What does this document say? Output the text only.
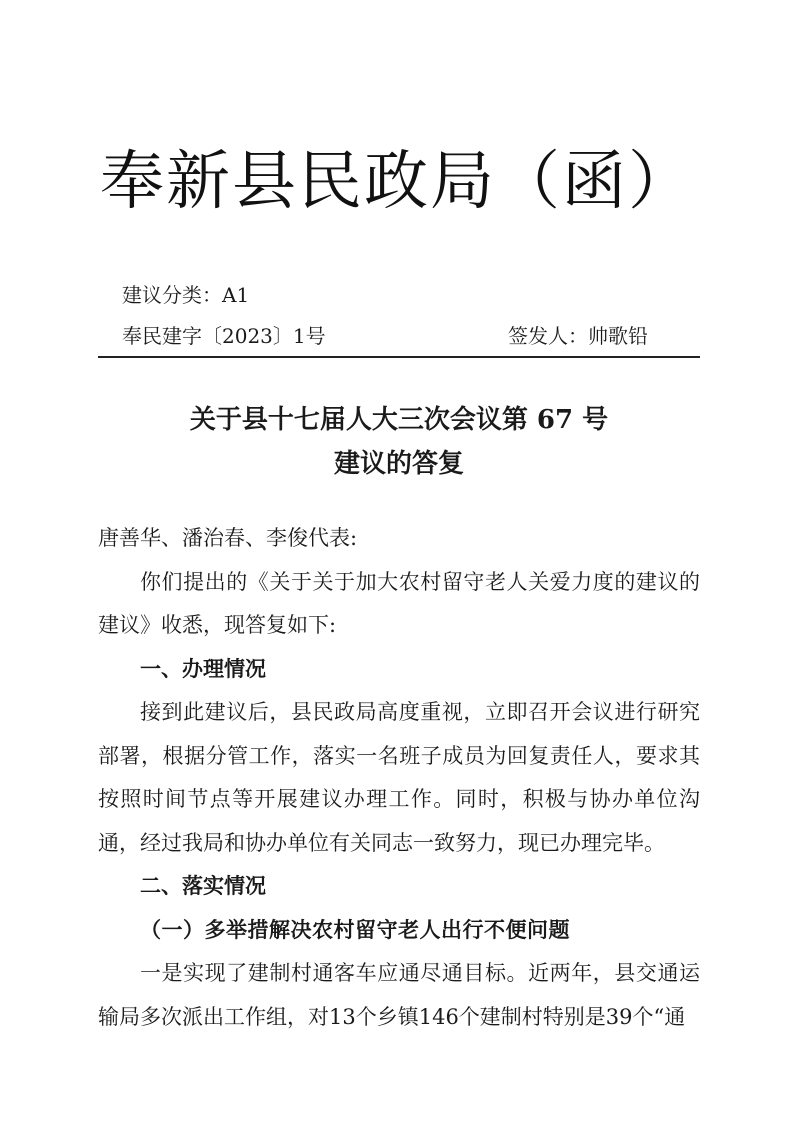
奉新县民政局（函）
建议分类：A1
奉民建字〔2023〕1号	签发人：帅歌铅
关于县十七届人大三次会议第 67 号
建议的答复

唐善华、潘治春、李俊代表:

你们提出的《关于关于加大农村留守老人关爱力度的建议的建议》收悉，现答复如下:

一、办理情况

接到此建议后，县民政局高度重视，立即召开会议进行研究部署，根据分管工作，落实一名班子成员为回复责任人，要求其按照时间节点等开展建议办理工作。同时，积极与协办单位沟通，经过我局和协办单位有关同志一致努力，现已办理完毕。

二、落实情况

（一）多举措解决农村留守老人出行不便问题

一是实现了建制村通客车应通尽通目标。近两年，县交通运输局多次派出工作组，对13个乡镇146个建制村特别是39个“通
